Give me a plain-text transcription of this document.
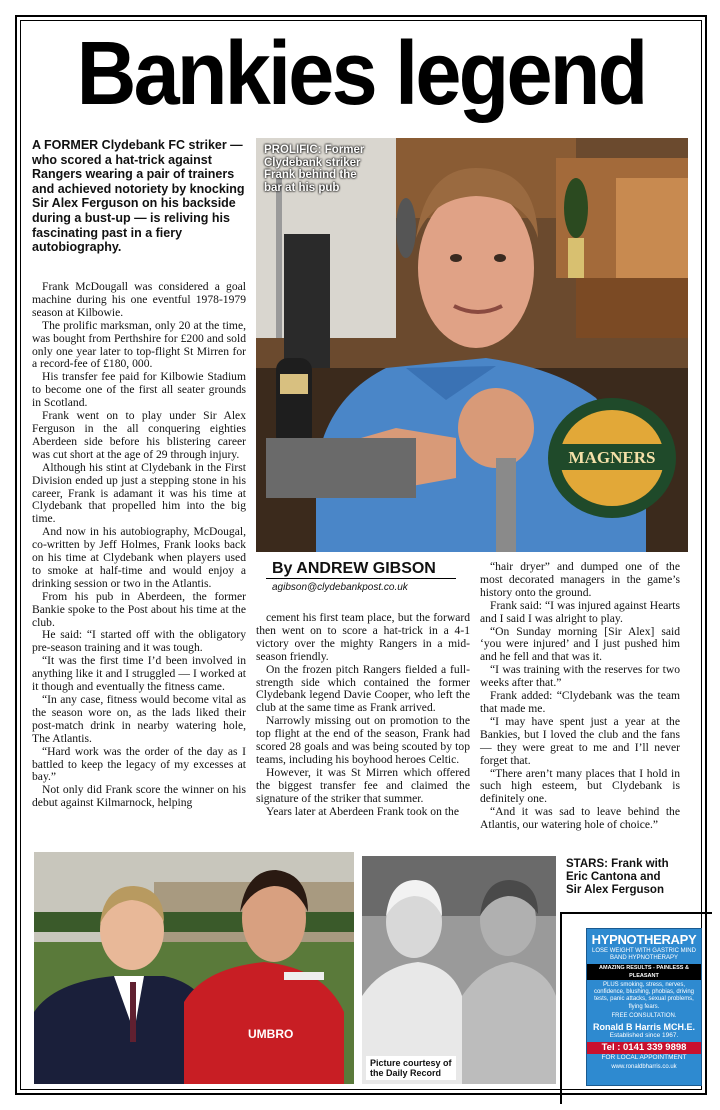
Bankies legend
A FORMER Clydebank FC striker — who scored a hat-trick against Rangers wearing a pair of trainers and achieved notoriety by knocking Sir Alex Ferguson on his backside during a bust-up — is reliving his fascinating past in a fiery autobiography.

Frank McDougall was considered a goal machine during his one eventful 1978-1979 season at Kilbowie.

The prolific marksman, only 20 at the time, was bought from Perthshire for £200 and sold only one year later to top-flight St Mirren for a record-fee of £180, 000.

His transfer fee paid for Kilbowie Stadium to become one of the first all seater grounds in Scotland.

Frank went on to play under Sir Alex Ferguson in the all conquering eighties Aberdeen side before his blistering career was cut short at the age of 29 through injury.

Although his stint at Clydebank in the First Division ended up just a stepping stone in his career, Frank is adamant it was his time at Clydebank that propelled him into the big time.

And now in his autobiography, McDougal, co-written by Jeff Holmes, Frank looks back on his time at Clydebank when players used to smoke at half-time and would enjoy a drinking session or two in the Atlantis.

From his pub in Aberdeen, the former Bankie spoke to the Post about his time at the club.

He said: “I started off with the obligatory pre-season training and it was tough.

“It was the first time I’d been involved in anything like it and I struggled — I worked at it though and eventually the fitness came.

“In any case, fitness would become vital as the season wore on, as the lads liked their post-match drink in nearby watering hole, The Atlantis.

“Hard work was the order of the day as I battled to keep the legacy of my excesses at bay.”

Not only did Frank score the winner on his debut against Kilmarnock, helping

cement his first team place, but the forward then went on to score a hat-trick in a 4-1 victory over the mighty Rangers in a mid-season friendly.

On the frozen pitch Rangers fielded a full-strength side which contained the former Clydebank legend Davie Cooper, who left the club at the same time as Frank arrived.

Narrowly missing out on promotion to the top flight at the end of the season, Frank had scored 28 goals and was being scouted by top teams, including his boyhood heroes Celtic.

However, it was St Mirren which offered the biggest transfer fee and claimed the signature of the striker that summer.

Years later at Aberdeen Frank took on the

“hair dryer” and dumped one of the most decorated managers in the game’s history onto the ground.

Frank said: “I was injured against Hearts and I said I was alright to play.

“On Sunday morning [Sir Alex] said ‘you were injured’ and I just pushed him and he fell and that was it.

“I was training with the reserves for two weeks after that.”

Frank added: “Clydebank was the team that made me.

“I may have spent just a year at the Bankies, but I loved the club and the fans — they were great to me and I’ll never forget that.

“There aren’t many places that I hold in such high esteem, but Clydebank is definitely one.

“And it was sad to leave behind the Atlantis, our watering hole of choice.”

MAGNERS
PROLIFIC: Former
Clydebank striker
Frank behind the
bar at his pub
By ANDREW GIBSON
agibson@clydebankpost.co.uk
UMBRO
Picture courtesy of
the Daily Record
STARS: Frank with
Eric Cantona and
Sir Alex Ferguson
HYPNOTHERAPY
LOSE WEIGHT WITH GASTRIC MIND BAND HYPNOTHERAPY
AMAZING RESULTS - PAINLESS & PLEASANT
PLUS smoking, stress, nerves, confidence, blushing, phobias, driving tests, panic attacks, sexual problems, flying fears.
FREE CONSULTATION.
Ronald B Harris MCH.E.
Established since 1967.
Tel : 0141 339 9898
FOR LOCAL APPOINTMENT
www.ronaldbharris.co.uk
